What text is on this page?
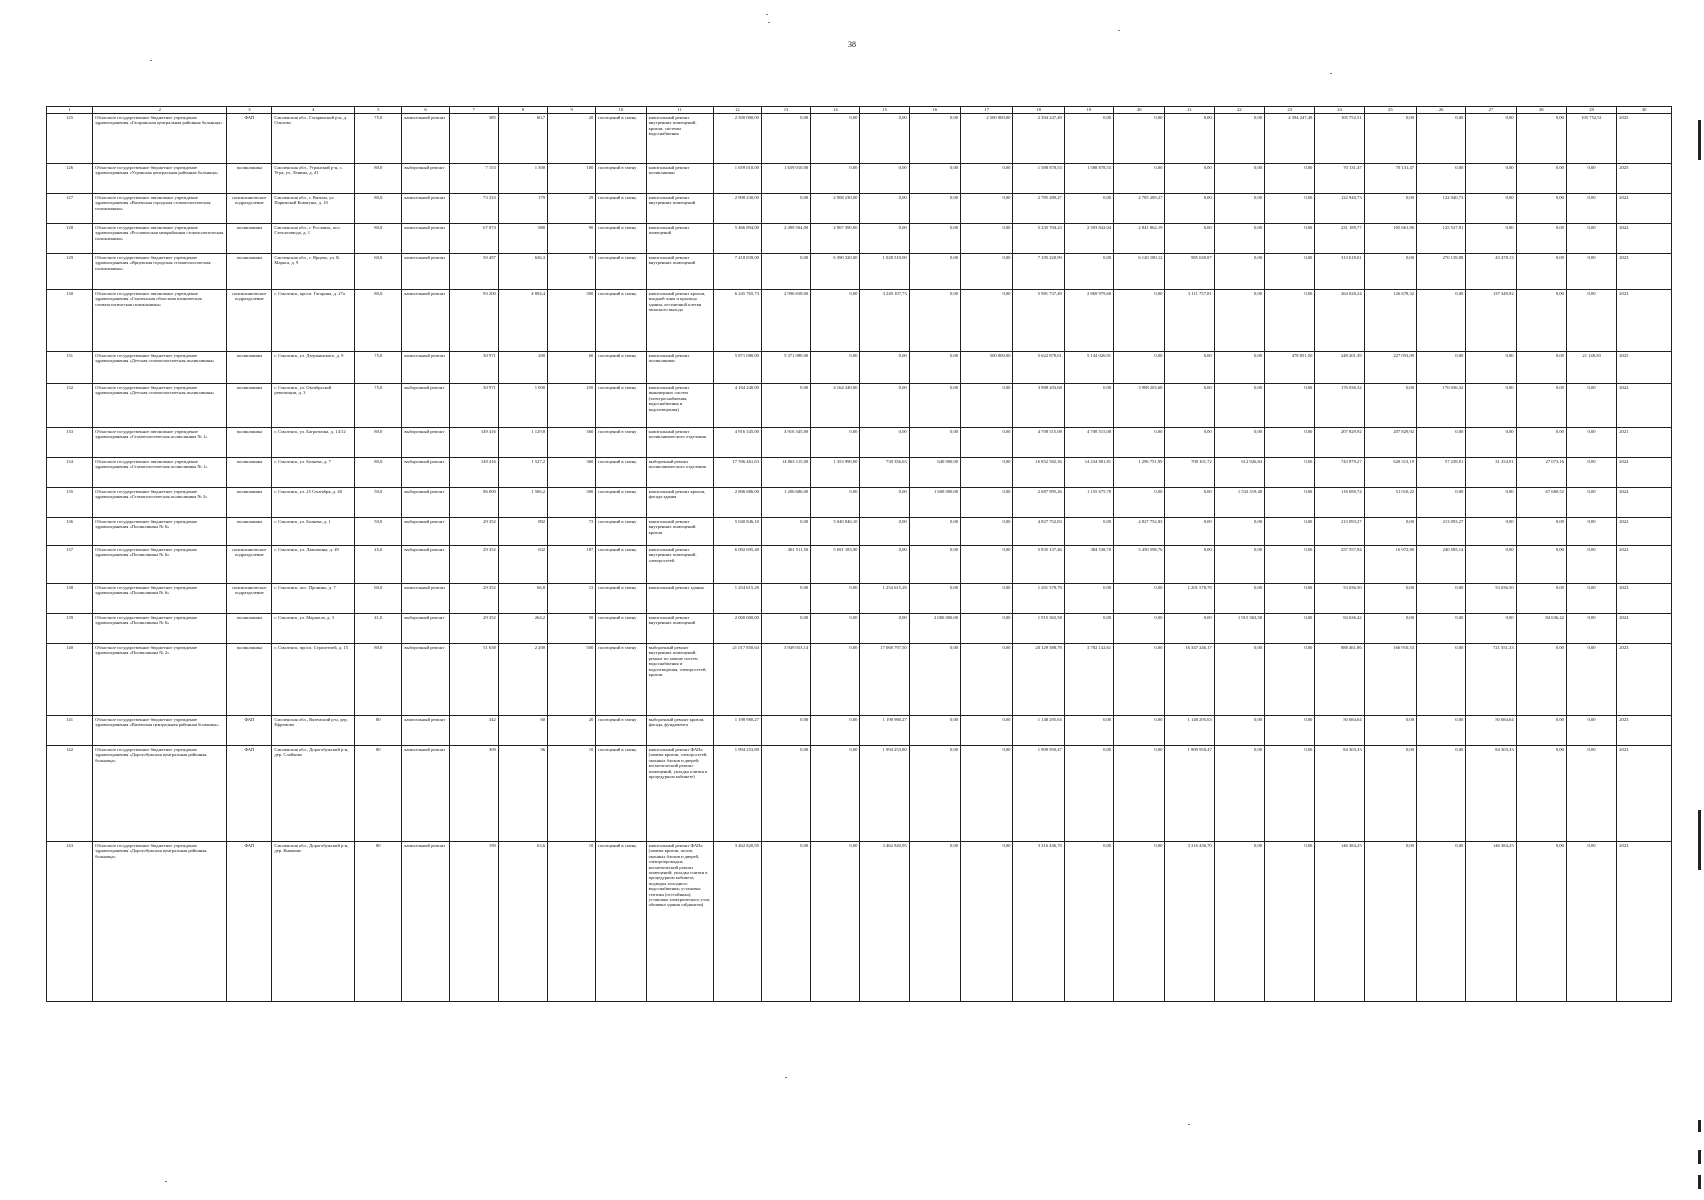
38
1	2	3	4	5	6	7	8	9	10	11	12	13	14	15	16	17	18	19	20	21	22	23	24	25	26	27	28	29	30
125	Областное государственное бюджетное учреждение здравоохранения «Гагаринская центральная районная больница»	ФАП	Смоленская обл., Гагаринский р-н, д. Ольхово	75,0	капитальный ремонт	385	60,7	20	посещений в смену	капитальный ремонт внутренних помещений, кровли, системы водоснабжения	2 500 000,00	0,00	0,00	0,00	0,00	2 500 000,00	2 394 247,49	0,00	0,00	0,00	0,00	2 394 247,49	105 752,51	0,00	0,00	0,00	0,00	105 752,51	2025
126	Областное государственное бюджетное учреждение здравоохранения «Угранская центральная районная больница»	поликлиника	Смоленская обл., Угранский р-н, с. Угра, ул. Ленина, д. 41	80,0	выборочный ремонт	7 153	1 300	100	посещений в смену	капитальный ремонт поликлиники	1 659 010,00	1 659 010,00	0,00	0,00	0,00	0,00	1 588 878,53	1 588 878,53	0,00	0,00	0,00	0,00	70 131,47	70 131,47	0,00	0,00	0,00	0,00	2025
127	Областное государственное автономное учреждение здравоохранения «Вяземская городская стоматологическая поликлиника»	поликлиническое подразделение	Смоленская обл., г. Вязьма, ул. Парижской Коммуны, д. 10	80,0	капитальный ремонт	73 333	179	29	посещений в смену	капитальный ремонт внутренних помещений	2 908 230,00	0,00	2 908 230,00	0,00	0,00	0,00	2 785 289,27	0,00	2 785 289,27	0,00	0,00	0,00	122 940,73	0,00	122 940,73	0,00	0,00	0,00	2022
128	Областное государственное автономное учреждение здравоохранения «Рославльская межрайонная стоматологическая поликлиника»	поликлиника	Смоленская обл., г. Рославль, пос. Стеклозавода, д. 1	80,0	капитальный ремонт	67 874	880	90	посещений в смену	капитальный ремонт помещений	5 466 894,00	2 499 504,00	2 967 390,00	0,00	0,00	0,00	5 235 704,23	2 393 842,04	2 841 862,19	0,00	0,00	0,00	231 189,77	105 661,96	125 527,81	0,00	0,00	0,00	2022
129	Областное государственное бюджетное учреждение здравоохранения «Ярцевская городская стоматологическая поликлиника»	поликлиника	Смоленская обл., г. Ярцево, ул. К. Маркса, д. 9	60,0	капитальный ремонт	50 497	636,3	93	посещений в смену	капитальный ремонт внутренних помещений	7 418 839,00	0,00	6 390 320,00	1 028 519,00	0,00	0,00	7 105 220,99	0,00	6 120 180,12	985 040,87	0,00	0,00	313 618,01	0,00	270 139,88	43 478,13	0,00	0,00	2023
130	Областное государственное автономное учреждение здравоохранения «Смоленская областная клиническая стоматологическая поликлиника»	поликлиническое подразделение	г. Смоленск, просп. Гагарина, д. 27а	80,0	капитальный ремонт	93 200	4 894,4	300	посещений в смену	капитальный ремонт кровли, входной зоны и крыльца здания, лестничной клетки запасного выхода	6 245 765,73	2 996 658,00	0,00	3 249 107,73	0,00	0,00	5 981 737,49	2 869 979,68	0,00	3 111 757,81	0,00	0,00	264 028,24	126 678,32	0,00	137 349,92	0,00	0,00	2023
131	Областное государственное бюджетное учреждение здравоохранения «Детская стоматологическая поликлиника»	поликлиника	г. Смоленск, ул. Дзержинского, д. 9	75,0	капитальный ремонт	30 971	200	60	посещений в смену	капитальный ремонт поликлиники	5 871 080,00	5 371 080,00	0,00	0,00	0,00	500 000,00	5 622 878,61	5 144 026,91	0,00	0,00	0,00	478 851,50	248 201,39	227 053,09	0,00	0,00	0,00	21 148,50	2025
132	Областное государственное бюджетное учреждение здравоохранения «Детская стоматологическая поликлиника»	поликлиника	г. Смоленск, ул. Октябрьской революции, д. 3	75,0	выборочный ремонт	30 971	1 000	250	посещений в смену	капитальный ремонт инженерных систем (электроснабжения, водоснабжения и водоотведения)	4 164 240,00	0,00	4 164 240,00	0,00	0,00	0,00	3 988 203,68	0,00	3 988 203,68	0,00	0,00	0,00	176 036,32	0,00	176 036,32	0,00	0,00	0,00	2022
133	Областное государственное автономное учреждение здравоохранения «Стоматологическая поликлиника № 1»	поликлиника	г. Смоленск, ул. Багратиона, д. 14/12	80,0	выборочный ремонт	149 416	1 129,8	360	посещений в смену	капитальный ремонт поликлинического отделения	4 916 345,00	4 916 345,00	0,00	0,00	0,00	0,00	4 708 515,08	4 708 515,08	0,00	0,00	0,00	0,00	207 829,92	207 829,92	0,00	0,00	0,00	0,00	2021
134	Областное государственное автономное учреждение здравоохранения «Стоматологическая поликлиника № 1»	поликлиника	г. Смоленск, ул. Беляева, д. 7	80,0	выборочный ремонт	149 416	1 527,2	360	посещений в смену	выборочный ремонт поликлинического отделения	17 596 461,63	14 863 115,00	1 353 990,00	739 356,63	640 000,00	0,00	16 852 582,36	14 234 801,81	1 296 751,99	708 101,72	612 926,84	0,00	743 879,27	628 313,19	57 238,01	31 254,91	27 073,16	0,00	2024
135	Областное государственное бюджетное учреждение здравоохранения «Стоматологическая поликлиника № 3»	поликлиника	г. Смоленск, ул. 25 Сентября, д. 40	50,0	выборочный ремонт	86 000	1 506,2	300	посещений в смену	капитальный ремонт кровли, фасада здания	2 806 686,00	1 206 686,00	0,00	0,00	1 600 000,00	0,00	2 687 995,26	1 155 675,78	0,00	0,00	1 532 319,48	0,00	118 690,74	51 010,22	0,00	0,00	67 680,52	0,00	2024
136	Областное государственное бюджетное учреждение здравоохранения «Поликлиника № 6»	поликлиника	г. Смоленск, ул. Беляева, д. 1	50,0	выборочный ремонт	29 352	892	73	посещений в смену	капитальный ремонт внутренних помещений, кровли	5 040 846,10	0,00	5 040 846,10	0,00	0,00	0,00	4 827 752,83	0,00	4 827 752,83	0,00	0,00	0,00	213 093,27	0,00	213 093,27	0,00	0,00	0,00	2022
137	Областное государственное бюджетное учреждение здравоохранения «Поликлиника № 6»	поликлиническое подразделение	г. Смоленск, ул. Лавочкина, д. 49	45,0	выборочный ремонт	29 352	632	187	посещений в смену	капитальный ремонт внутренних помещений, электросетей	6 092 695,40	401 511,50	5 691 183,90	0,00	0,00	0,00	5 835 137,46	384 538,70	5 450 598,76	0,00	0,00	0,00	257 557,94	16 972,80	240 585,14	0,00	0,00	0,00	2022
138	Областное государственное бюджетное учреждение здравоохранения «Поликлиника № 6»	поликлиническое подразделение	г. Смоленск, пос. Пронино, д. 7	60,0	капитальный ремонт	29 352	66,8	13	посещений в смену	капитальный ремонт здания	1 254 615,28	0,00	0,00	1 254 615,28	0,00	0,00	1 201 578,78	0,00	0,00	1 201 578,78	0,00	0,00	53 036,50	0,00	0,00	53 036,50	0,00	0,00	2023
139	Областное государственное бюджетное учреждение здравоохранения «Поликлиника № 6»	поликлиника	г. Смоленск, ул. Маршала, д. 3	41,0	выборочный ремонт	29 352	264,2	50	посещений в смену	капитальный ремонт внутренних помещений	2 000 000,00	0,00	0,00	0,00	2 000 000,00	0,00	1 915 363,58	0,00	0,00	0,00	1 915 363,58	0,00	84 636,42	0,00	0,00	0,00	84 636,42	0,00	2024
140	Областное государственное бюджетное учреждение здравоохранения «Поликлиника № 2»	поликлиника	г. Смоленск, просп. Строителей, д. 15	80,0	выборочный ремонт	51 638	2 200	500	посещений в смену	выборочный ремонт внутренних помещений, ремонт по замене систем водоснабжения и водоотведения, электросетей, кровли	21 017 850,64	3 949 053,14	0,00	17 068 797,50	0,00	0,00	20 129 388,78	3 782 142,61	0,00	16 347 246,17	0,00	0,00	888 461,86	166 910,53	0,00	721 551,33	0,00	0,00	2023
141	Областное государственное бюджетное учреждение здравоохранения «Вяземская центральная районная больница»	ФАП	Смоленская обл., Вяземский р-н, дер. Ефремово	80	капитальный ремонт	342	60	20	посещений в смену	выборочный ремонт кровли, фасада, фундамента	1 198 980,27	0,00	0,00	1 198 980,27	0,00	0,00	1 148 295,63	0,00	0,00	1 148 295,63	0,00	0,00	50 684,64	0,00	0,00	50 684,64	0,00	0,00	2023
142	Областное государственное бюджетное учреждение здравоохранения «Дорогобужская центральная районная больница»	ФАП	Смоленская обл., Дорогобужский р-н, дер. Слойково	80	капитальный ремонт	309	96	10	посещений в смену	капитальный ремонт ФАПа (замена кровли, электросетей, оконных блоков и дверей; косметический ремонт помещений, укладка плитки в процедурном кабинете)	1 994 253,80	0,00	0,00	1 994 253,80	0,00	0,00	1 909 950,47	0,00	0,00	1 909 950,47	0,00	0,00	84 303,33	0,00	0,00	84 303,33	0,00	0,00	2023
143	Областное государственное бюджетное учреждение здравоохранения «Дорогобужская центральная районная больница»	ФАП	Смоленская обл., Дорогобужский р-н, дер. Княжино	80	капитальный ремонт	190	63,6	10	посещений в смену	капитальный ремонт ФАПа (замена кровли, полов, оконных блоков и дверей, электропроводки; косметический ремонт помещений; укладка плитки в процедурном кабинете; подводка холодного водоснабжения; установка септика (отстойника); установка электрического узла; обшивка здания сайдингом)	3 462 820,95	0,00	0,00	3 462 820,95	0,00	0,00	3 316 436,70	0,00	0,00	3 316 436,70	0,00	0,00	146 384,25	0,00	0,00	146 384,25	0,00	0,00	2023
